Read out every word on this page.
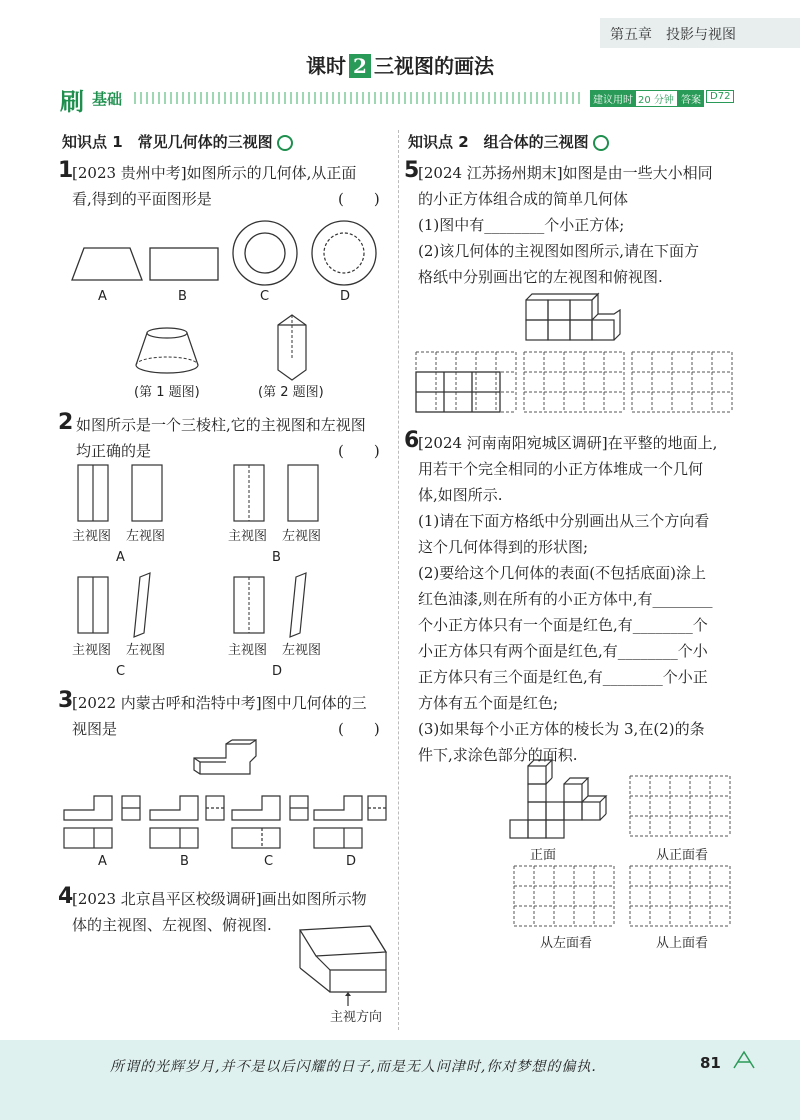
第五章　投影与视图
课时 2 三视图的画法
刷 基础	建议用时 20 分钟 答案 D72
知识点 1　常见几何体的三视图
1
[2023 贵州中考]如图所示的几何体,从正面
看,得到的平面图形是	(　　)
A	B	C	D
(第 1 题图)	(第 2 题图)
2 如图所示是一个三棱柱,它的主视图和左视图
均正确的是	(　　)
主视图 左视图	主视图 左视图
A	B
主视图 左视图	主视图 左视图
C	D
3
[2022 内蒙古呼和浩特中考]图中几何体的三
视图是	(　　)
A	B	C	D
4
[2023 北京昌平区校级调研]画出如图所示物
体的主视图、左视图、俯视图.
主视方向
知识点 2　组合体的三视图
5
[2024 江苏扬州期末]如图是由一些大小相同
的小正方体组合成的简单几何体
(1)图中有________个小正方体;
(2)该几何体的主视图如图所示,请在下面方
格纸中分别画出它的左视图和俯视图.
6
[2024 河南南阳宛城区调研]在平整的地面上,
用若干个完全相同的小正方体堆成一个几何
体,如图所示.
(1)请在下面方格纸中分别画出从三个方向看
这个几何体得到的形状图;
(2)要给这个几何体的表面(不包括底面)涂上
红色油漆,则在所有的小正方体中,有________
个小正方体只有一个面是红色,有________个
小正方体只有两个面是红色,有________个小
正方体只有三个面是红色,有________个小正
方体有五个面是红色;
(3)如果每个小正方体的棱长为 3,在(2)的条
件下,求涂色部分的面积.
正面	从正面看
从左面看	从上面看
所谓的光辉岁月,并不是以后闪耀的日子,而是无人问津时,你对梦想的偏执.	81
